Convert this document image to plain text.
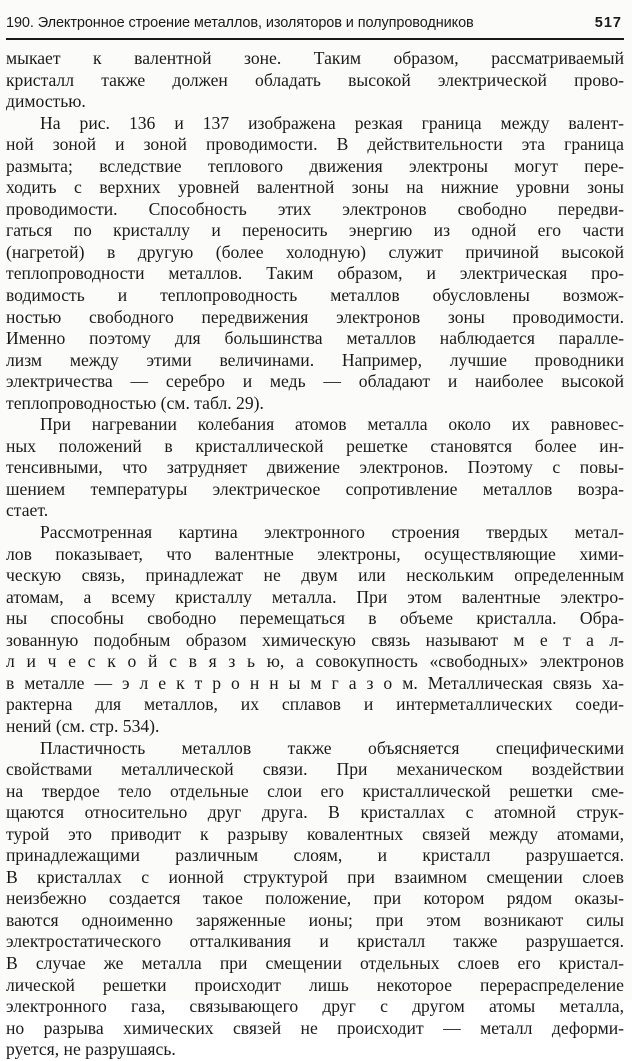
190. Электронное строение металлов, изоляторов и полупроводников	517
мыкает к валентной зоне. Таким образом, рассматриваемый
кристалл также должен обладать высокой электрической прово-
димостью.
На рис. 136 и 137 изображена резкая граница между валент-
ной зоной и зоной проводимости. В действительности эта граница
размыта; вследствие теплового движения электроны могут пере-
ходить с верхних уровней валентной зоны на нижние уровни зоны
проводимости. Способность этих электронов свободно передви-
гаться по кристаллу и переносить энергию из одной его части
(нагретой) в другую (более холодную) служит причиной высокой
теплопроводности металлов. Таким образом, и электрическая про-
водимость и теплопроводность металлов обусловлены возмож-
ностью свободного передвижения электронов зоны проводимости.
Именно поэтому для большинства металлов наблюдается паралле-
лизм между этими величинами. Например, лучшие проводники
электричества — серебро и медь — обладают и наиболее высокой
теплопроводностью (см. табл. 29).
При нагревании колебания атомов металла около их равновес-
ных положений в кристаллической решетке становятся более ин-
тенсивными, что затрудняет движение электронов. Поэтому с повы-
шением температуры электрическое сопротивление металлов возра-
стает.
Рассмотренная картина электронного строения твердых метал-
лов показывает, что валентные электроны, осуществляющие хими-
ческую связь, принадлежат не двум или нескольким определенным
атомам, а всему кристаллу металла. При этом валентные электро-
ны способны свободно перемещаться в объеме кристалла. Обра-
зованную подобным образом химическую связь называют м е т а л-
л и ч е с к о й с в я з ь ю, а совокупность «свободных» электронов
в металле — э л е к т р о н н ы м г а з о м. Металлическая связь ха-
рактерна для металлов, их сплавов и интерметаллических соеди-
нений (см. стр. 534).
Пластичность металлов также объясняется специфическими
свойствами металлической связи. При механическом воздействии
на твердое тело отдельные слои его кристаллической решетки сме-
щаются относительно друг друга. В кристаллах с атомной струк-
турой это приводит к разрыву ковалентных связей между атомами,
принадлежащими различным слоям, и кристалл разрушается.
В кристаллах с ионной структурой при взаимном смещении слоев
неизбежно создается такое положение, при котором рядом оказы-
ваются одноименно заряженные ионы; при этом возникают силы
электростатического отталкивания и кристалл также разрушается.
В случае же металла при смещении отдельных слоев его кристал-
лической решетки происходит лишь некоторое перераспределение
электронного газа, связывающего друг с другом атомы металла,
но разрыва химических связей не происходит — металл деформи-
руется, не разрушаясь.
